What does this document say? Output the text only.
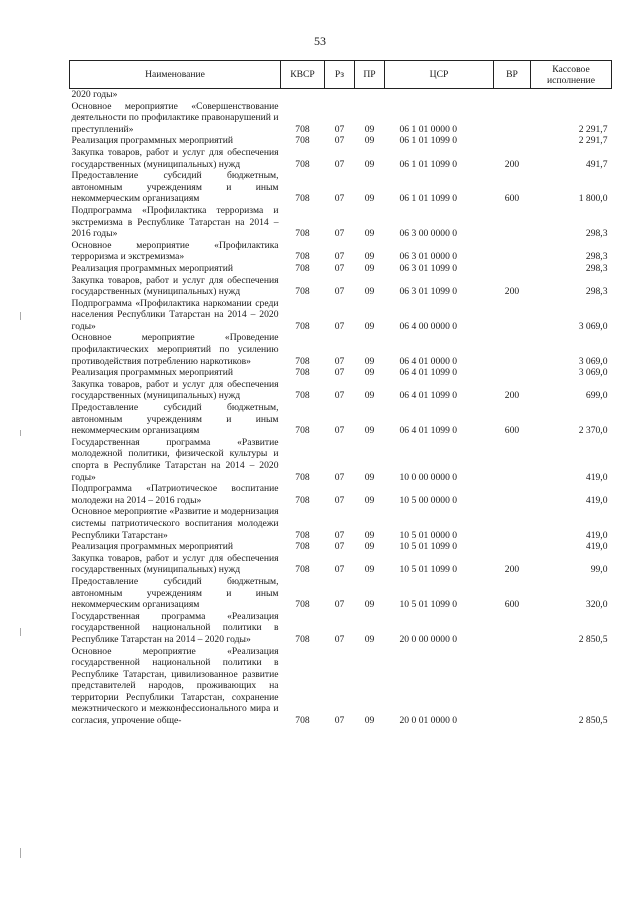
53
Наименование	КВСР	Рз	ПР	ЦСР	ВР	Кассовое исполнение
2020 годы»						
Основное мероприятие «Совершенствование деятельности по профилактике правонарушений и преступлений»	708	07	09	06 1 01 0000 0		2 291,7
Реализация программных мероприятий	708	07	09	06 1 01 1099 0		2 291,7
Закупка товаров, работ и услуг для обеспечения государственных (муниципальных) нужд	708	07	09	06 1 01 1099 0	200	491,7
Предоставление субсидий бюджетным, автономным учреждениям и иным некоммерческим организациям	708	07	09	06 1 01 1099 0	600	1 800,0
Подпрограмма «Профилактика терроризма и экстремизма в Республике Татарстан на 2014 – 2016 годы»	708	07	09	06 3 00 0000 0		298,3
Основное мероприятие «Профилактика терроризма и экстремизма»	708	07	09	06 3 01 0000 0		298,3
Реализация программных мероприятий	708	07	09	06 3 01 1099 0		298,3
Закупка товаров, работ и услуг для обеспечения государственных (муниципальных) нужд	708	07	09	06 3 01 1099 0	200	298,3
Подпрограмма «Профилактика наркомании среди населения Республики Татарстан на 2014 – 2020 годы»	708	07	09	06 4 00 0000 0		3 069,0
Основное мероприятие «Проведение профилактических мероприятий по усилению противодействия потреблению наркотиков»	708	07	09	06 4 01 0000 0		3 069,0
Реализация программных мероприятий	708	07	09	06 4 01 1099 0		3 069,0
Закупка товаров, работ и услуг для обеспечения государственных (муниципальных) нужд	708	07	09	06 4 01 1099 0	200	699,0
Предоставление субсидий бюджетным, автономным учреждениям и иным некоммерческим организациям	708	07	09	06 4 01 1099 0	600	2 370,0
Государственная программа «Развитие молодежной политики, физической культуры и спорта в Республике Татарстан на 2014 – 2020 годы»	708	07	09	10 0 00 0000 0		419,0
Подпрограмма «Патриотическое воспитание молодежи на 2014 – 2016 годы»	708	07	09	10 5 00 0000 0		419,0
Основное мероприятие «Развитие и модернизация системы патриотического воспитания молодежи Республики Татарстан»	708	07	09	10 5 01 0000 0		419,0
Реализация программных мероприятий	708	07	09	10 5 01 1099 0		419,0
Закупка товаров, работ и услуг для обеспечения государственных (муниципальных) нужд	708	07	09	10 5 01 1099 0	200	99,0
Предоставление субсидий бюджетным, автономным учреждениям и иным некоммерческим организациям	708	07	09	10 5 01 1099 0	600	320,0
Государственная программа «Реализация государственной национальной политики в Республике Татарстан на 2014 – 2020 годы»	708	07	09	20 0 00 0000 0		2 850,5
Основное мероприятие «Реализация государственной национальной политики в Республике Татарстан, цивилизованное развитие представителей народов, проживающих на территории Республики Татарстан, сохранение межэтнического и межконфессионального мира и согласия, упрочение обще-	708	07	09	20 0 01 0000 0		2 850,5
